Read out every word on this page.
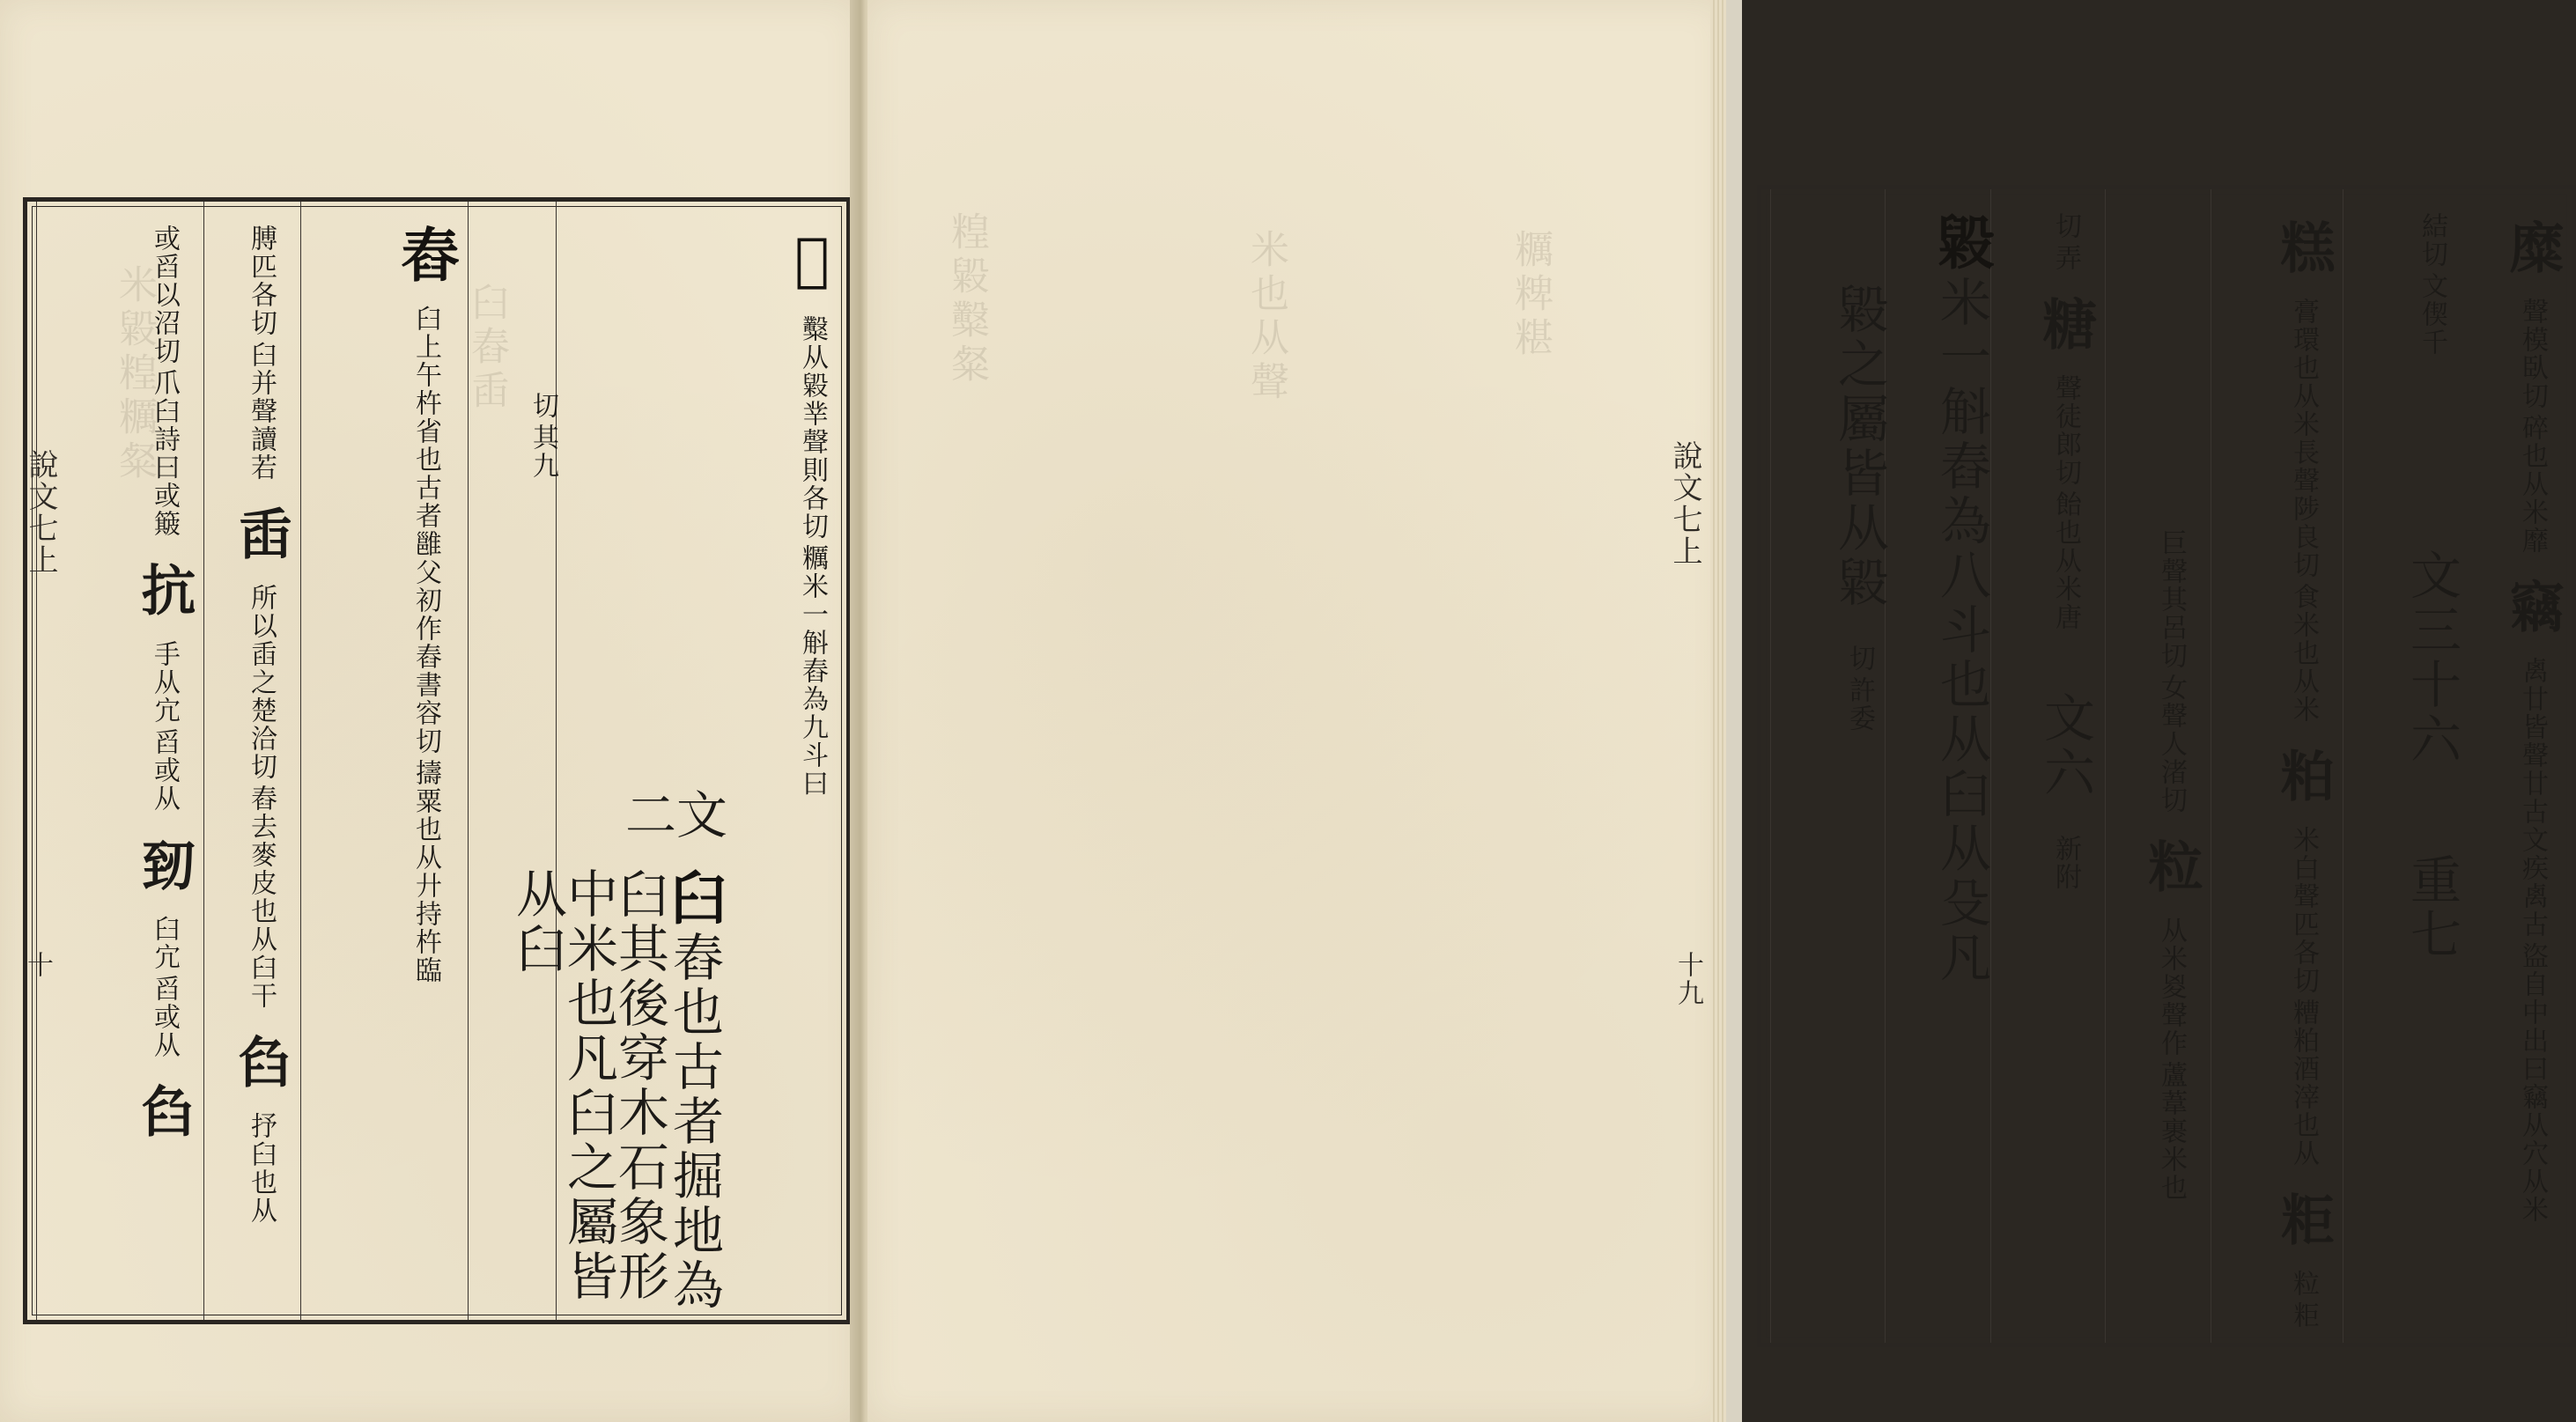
米毇䊗糲粲	臼舂臿
說文七上
十
𣀩
糲米一斛舂為九斗曰
糳从毇丵聲則各切
臼舂也古者掘地為臼其後穿木石象形中米也凡臼之屬皆从臼
文二
其九
切
舂
擣粟也从廾持杵臨
臼上午杵省也古者雝父初作舂書容切
臼并聲讀若
膊匹各切
臿
舂去麥皮也从臼干
所以臿之楚洽切
臽 抒臼也从
爪臼詩曰或簸
或舀以沼切
抗
舀或从
手从宂
䑒
舀或从
臼宂
臽
䊗毇糳粲	米也从聲	糲粺糂
說文七上
十九
糜
碎也从米靡
聲模臥切
竊
盜自中出曰竊从穴从米
禼廿皆聲廿古文疾禼古
文偰千
結切
文三十六  重七
糕
食米也从米
膏環也从米長聲陟良切
粕
糟粕酒滓也从
米白聲匹各切
粔
粔
粒
女聲人渚切
巨聲其呂切
粒
蘆葦裹米也
从米㚇聲作
弄
切
糖
飴也从米唐
聲徒郎切
文六 新附
毇米一斛舂為八斗也从臼从殳凡
毇之屬皆从毇
許委
切
